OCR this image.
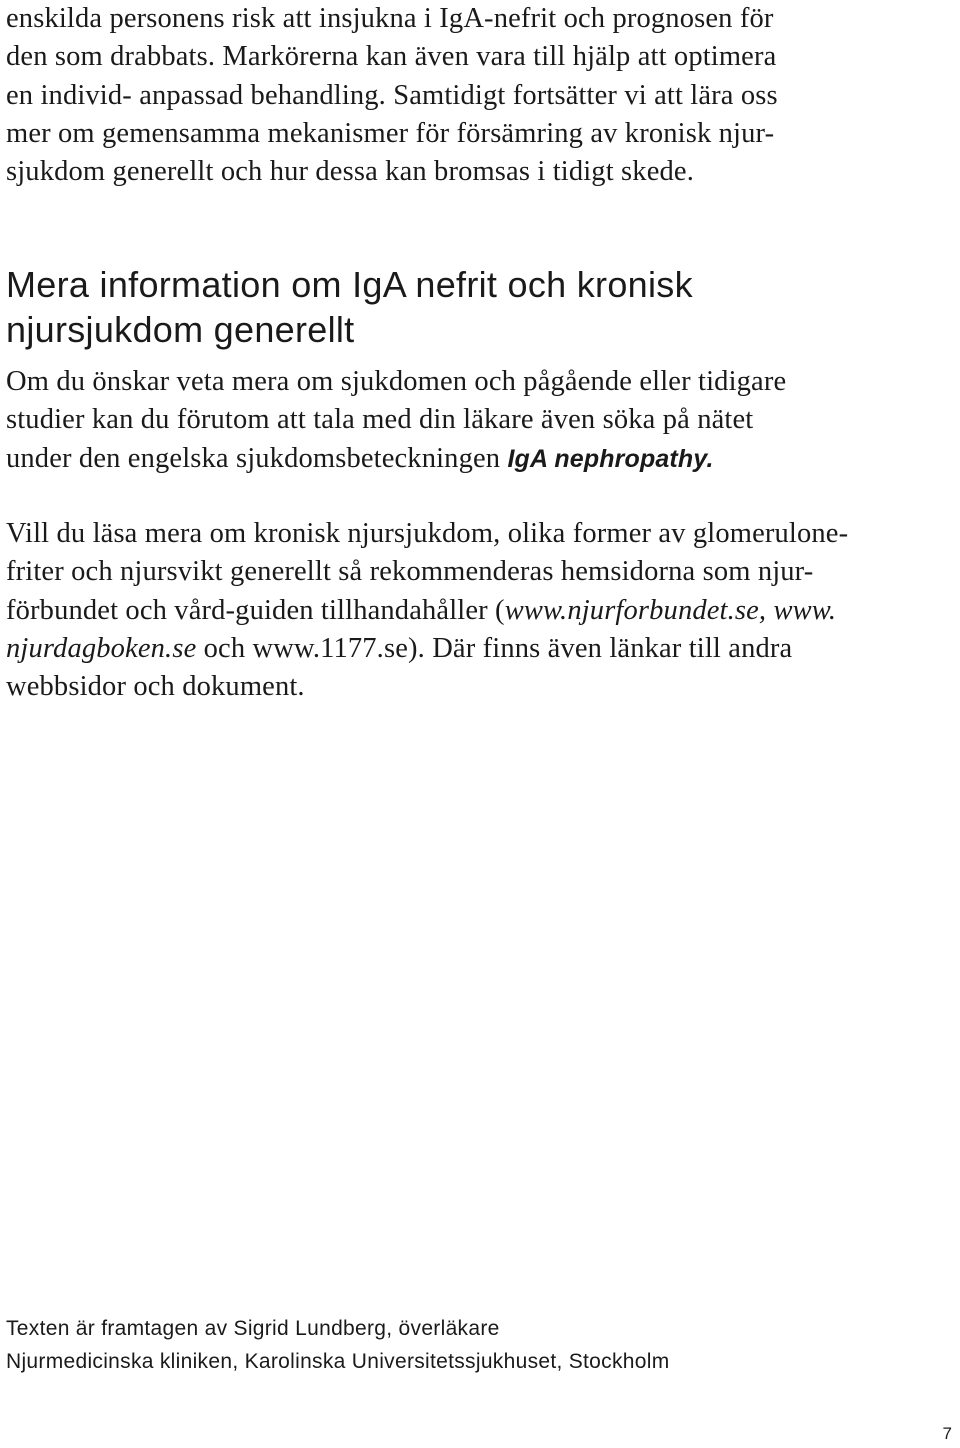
enskilda personens risk att insjukna i IgA-nefrit och prognosen för
den som drabbats. Markörerna kan även vara till hjälp att optimera
en individ- anpassad behandling. Samtidigt fortsätter vi att lära oss
mer om gemensamma mekanismer för försämring av kronisk njur-
sjukdom generellt och hur dessa kan bromsas i tidigt skede.

Mera information om IgA nefrit och kronisk
njursjukdom generellt

Om du önskar veta mera om sjukdomen och pågående eller tidigare
studier kan du förutom att tala med din läkare även söka på nätet
under den engelska sjukdomsbeteckningen IgA nephropathy.

Vill du läsa mera om kronisk njursjukdom, olika former av glomerulone-
friter och njursvikt generellt så rekommenderas hemsidorna som njur-
förbundet och vård-guiden tillhandahåller (www.njurforbundet.se, www.
njurdagboken.se och www.1177.se). Där finns även länkar till andra
webbsidor och dokument.

Texten är framtagen av Sigrid Lundberg, överläkare
Njurmedicinska kliniken, Karolinska Universitetssjukhuset, Stockholm
7
